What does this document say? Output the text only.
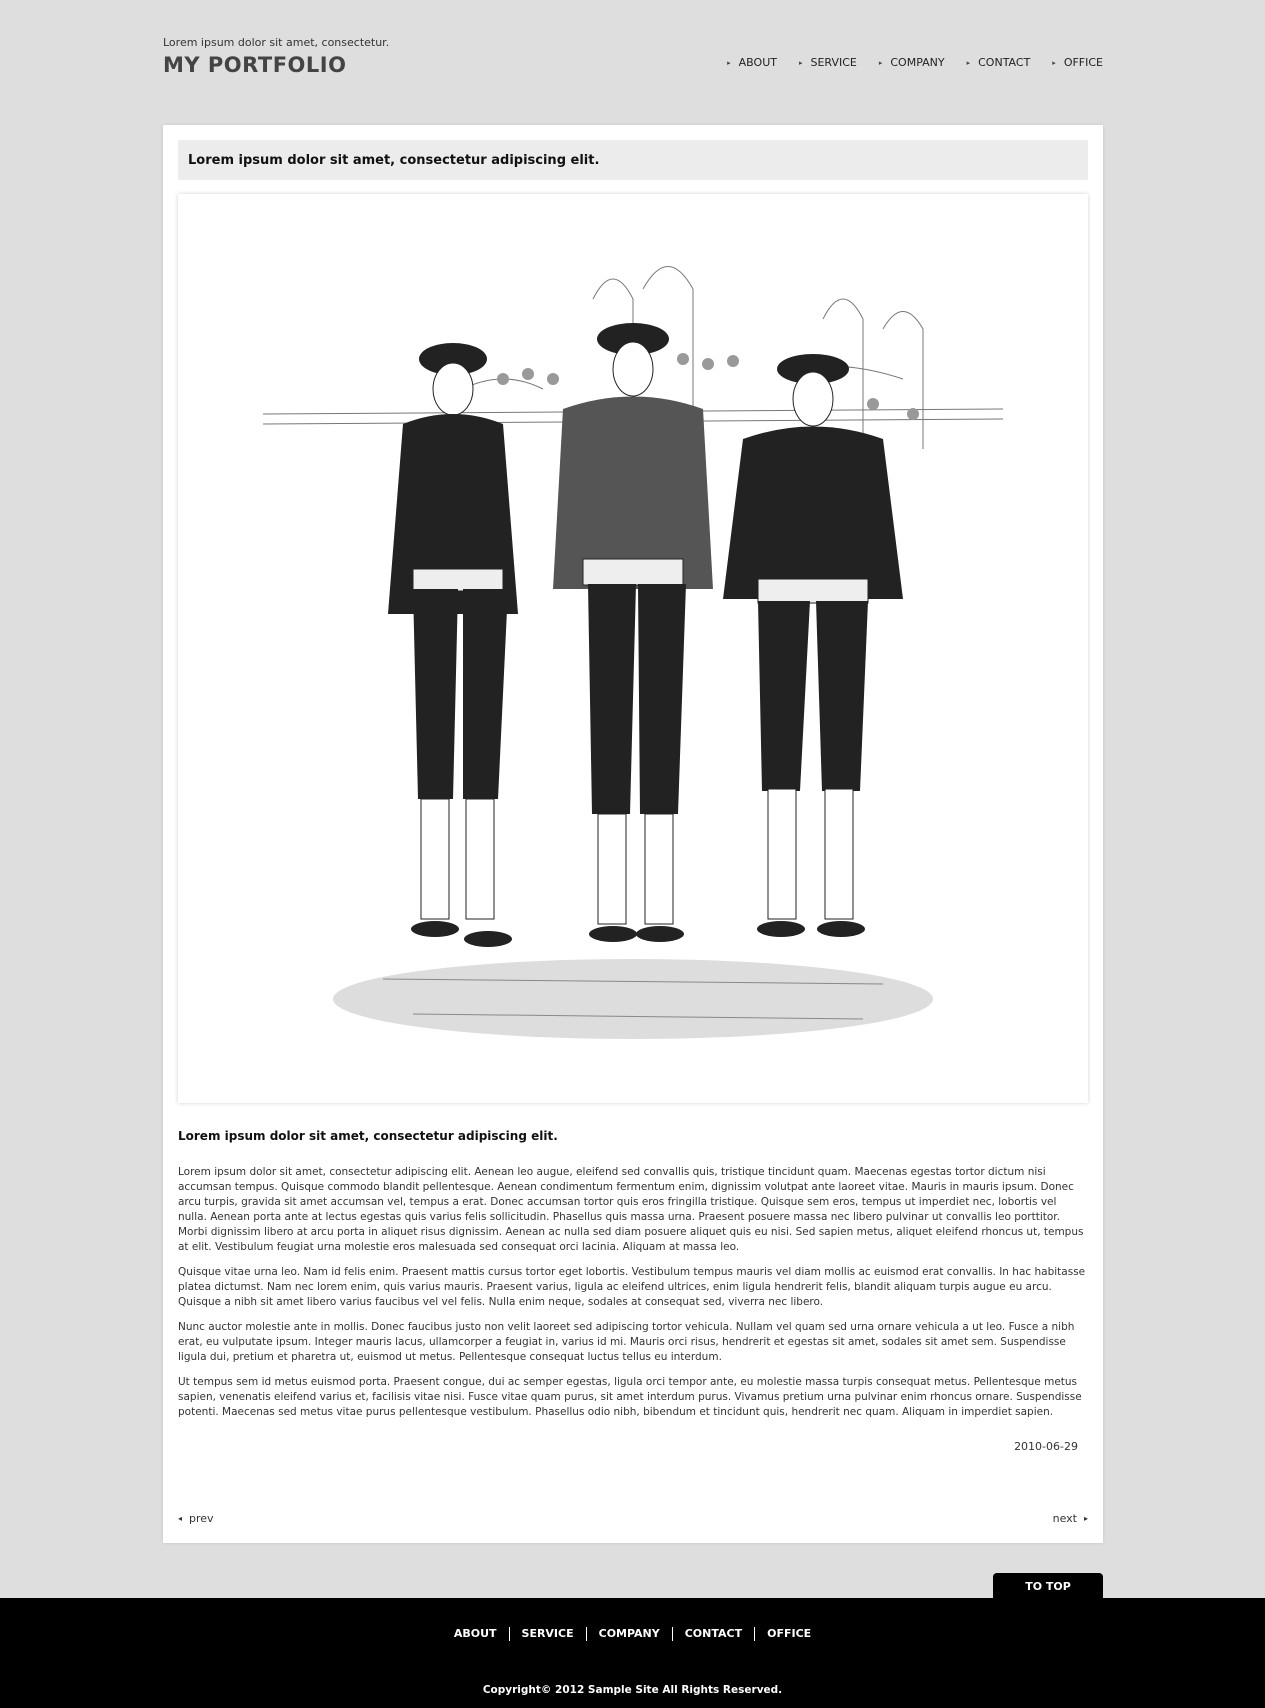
Lorem ipsum dolor sit amet, consectetur.
MY PORTFOLIO	▸ ABOUT	▸ SERVICE	▸ COMPANY	▸ CONTACT	▸ OFFICE
Lorem ipsum dolor sit amet, consectetur adipiscing elit.
Lorem ipsum dolor sit amet, consectetur adipiscing elit.

Lorem ipsum dolor sit amet, consectetur adipiscing elit. Aenean leo augue, eleifend sed convallis quis, tristique tincidunt quam. Maecenas egestas tortor dictum nisi accumsan tempus. Quisque commodo blandit pellentesque. Aenean condimentum fermentum enim, dignissim volutpat ante laoreet vitae. Mauris in mauris ipsum. Donec arcu turpis, gravida sit amet accumsan vel, tempus a erat. Donec accumsan tortor quis eros fringilla tristique. Quisque sem eros, tempus ut imperdiet nec, lobortis vel nulla. Aenean porta ante at lectus egestas quis varius felis sollicitudin. Phasellus quis massa urna. Praesent posuere massa nec libero pulvinar ut convallis leo porttitor. Morbi dignissim libero at arcu porta in aliquet risus dignissim. Aenean ac nulla sed diam posuere aliquet quis eu nisi. Sed sapien metus, aliquet eleifend rhoncus ut, tempus at elit. Vestibulum feugiat urna molestie eros malesuada sed consequat orci lacinia. Aliquam at massa leo.

Quisque vitae urna leo. Nam id felis enim. Praesent mattis cursus tortor eget lobortis. Vestibulum tempus mauris vel diam mollis ac euismod erat convallis. In hac habitasse platea dictumst. Nam nec lorem enim, quis varius mauris. Praesent varius, ligula ac eleifend ultrices, enim ligula hendrerit felis, blandit aliquam turpis augue eu arcu. Quisque a nibh sit amet libero varius faucibus vel vel felis. Nulla enim neque, sodales at consequat sed, viverra nec libero.

Nunc auctor molestie ante in mollis. Donec faucibus justo non velit laoreet sed adipiscing tortor vehicula. Nullam vel quam sed urna ornare vehicula a ut leo. Fusce a nibh erat, eu vulputate ipsum. Integer mauris lacus, ullamcorper a feugiat in, varius id mi. Mauris orci risus, hendrerit et egestas sit amet, sodales sit amet sem. Suspendisse ligula dui, pretium et pharetra ut, euismod ut metus. Pellentesque consequat luctus tellus eu interdum.

Ut tempus sem id metus euismod porta. Praesent congue, dui ac semper egestas, ligula orci tempor ante, eu molestie massa turpis consequat metus. Pellentesque metus sapien, venenatis eleifend varius et, facilisis vitae nisi. Fusce vitae quam purus, sit amet interdum purus. Vivamus pretium urna pulvinar enim rhoncus ornare. Suspendisse potenti. Maecenas sed metus vitae purus pellentesque vestibulum. Phasellus odio nibh, bibendum et tincidunt quis, hendrerit nec quam. Aliquam in imperdiet sapien.

2010-06-29
◂ prev	next ▸
TO TOP
ABOUT	SERVICE	COMPANY	CONTACT	OFFICE
Copyright© 2012 Sample Site All Rights Reserved.
